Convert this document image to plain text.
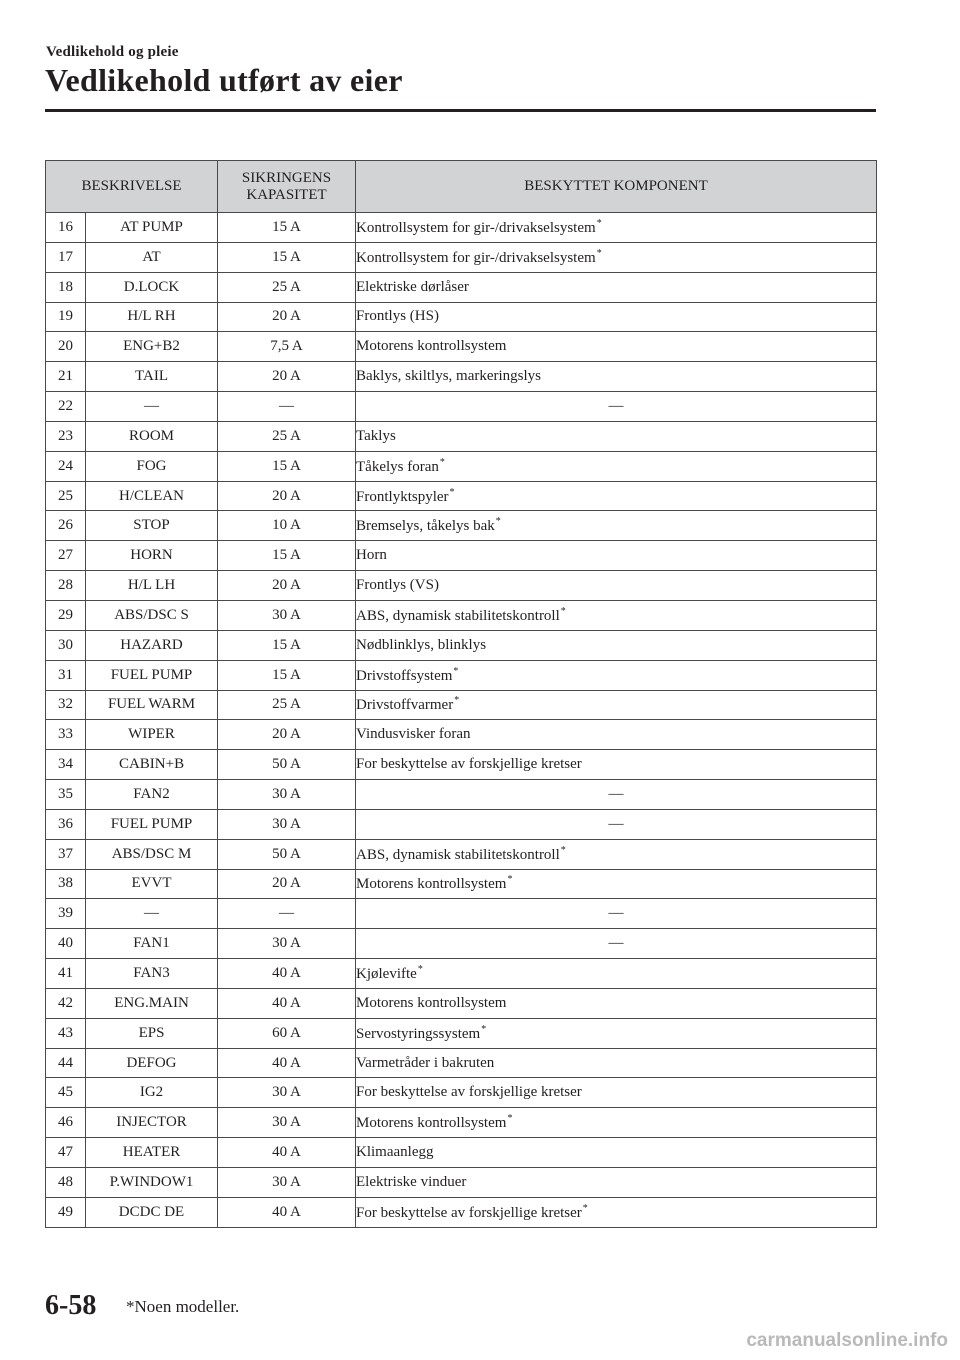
Vedlikehold og pleie
Vedlikehold utført av eier
BESKRIVELSE		SIKRINGENS KAPASITET	BESKYTTET KOMPONENT
16	AT PUMP	15 A	Kontrollsystem for gir-/drivakselsystem*
17	AT	15 A	Kontrollsystem for gir-/drivakselsystem*
18	D.LOCK	25 A	Elektriske dørlåser
19	H/L RH	20 A	Frontlys (HS)
20	ENG+B2	7,5 A	Motorens kontrollsystem
21	TAIL	20 A	Baklys, skiltlys, markeringslys
22	—	—	—
23	ROOM	25 A	Taklys
24	FOG	15 A	Tåkelys foran*
25	H/CLEAN	20 A	Frontlyktspyler*
26	STOP	10 A	Bremselys, tåkelys bak*
27	HORN	15 A	Horn
28	H/L LH	20 A	Frontlys (VS)
29	ABS/DSC S	30 A	ABS, dynamisk stabilitetskontroll*
30	HAZARD	15 A	Nødblinklys, blinklys
31	FUEL PUMP	15 A	Drivstoffsystem*
32	FUEL WARM	25 A	Drivstoffvarmer*
33	WIPER	20 A	Vindusvisker foran
34	CABIN+B	50 A	For beskyttelse av forskjellige kretser
35	FAN2	30 A	—
36	FUEL PUMP	30 A	—
37	ABS/DSC M	50 A	ABS, dynamisk stabilitetskontroll*
38	EVVT	20 A	Motorens kontrollsystem*
39	—	—	—
40	FAN1	30 A	—
41	FAN3	40 A	Kjølevifte*
42	ENG.MAIN	40 A	Motorens kontrollsystem
43	EPS	60 A	Servostyringssystem*
44	DEFOG	40 A	Varmetråder i bakruten
45	IG2	30 A	For beskyttelse av forskjellige kretser
46	INJECTOR	30 A	Motorens kontrollsystem*
47	HEATER	40 A	Klimaanlegg
48	P.WINDOW1	30 A	Elektriske vinduer
49	DCDC DE	40 A	For beskyttelse av forskjellige kretser*
6-58 *Noen modeller.
carmanualsonline.info
